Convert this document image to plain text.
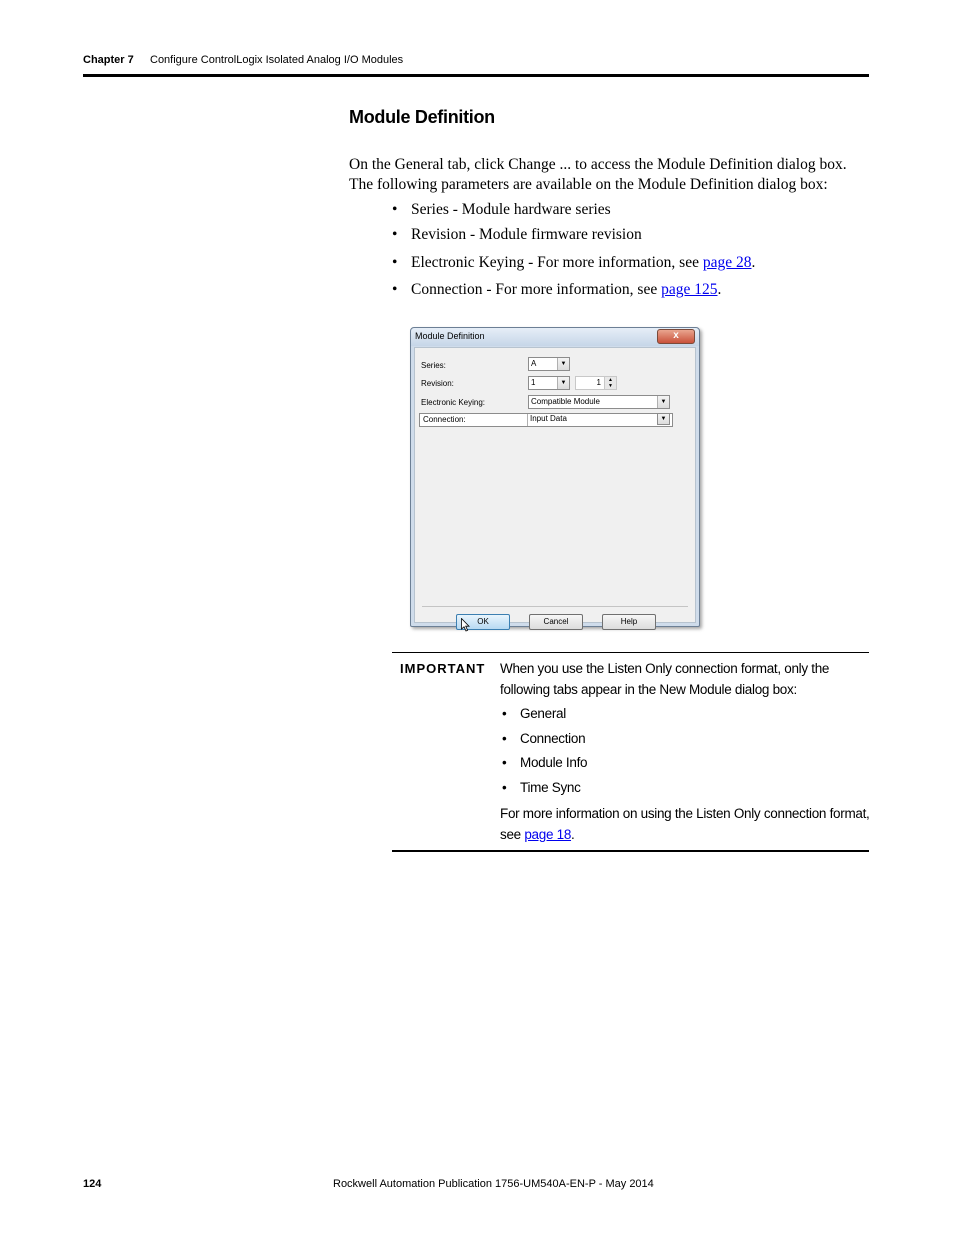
Chapter 7 Configure ControlLogix Isolated Analog I/O Modules
Module Definition
On the General tab, click Change ... to access the Module Definition dialog box.
The following parameters are available on the Module Definition dialog box:
• Series - Module hardware series
• Revision - Module firmware revision
• Electronic Keying - For more information, see page 28.
• Connection - For more information, see page 125.
Module Definition	x
Series:	A	▼
Revision:	1	▼	1	▲
▼
Electronic Keying:	Compatible Module	▼
Connection:	Input Data	▼
OK	Cancel	Help
IMPORTANT When you use the Listen Only connection format, only the following tabs appear in the New Module dialog box:
• General
• Connection
• Module Info
• Time Sync
For more information on using the Listen Only connection format, see page 18.
124	Rockwell Automation Publication 1756-UM540A-EN-P - May 2014
